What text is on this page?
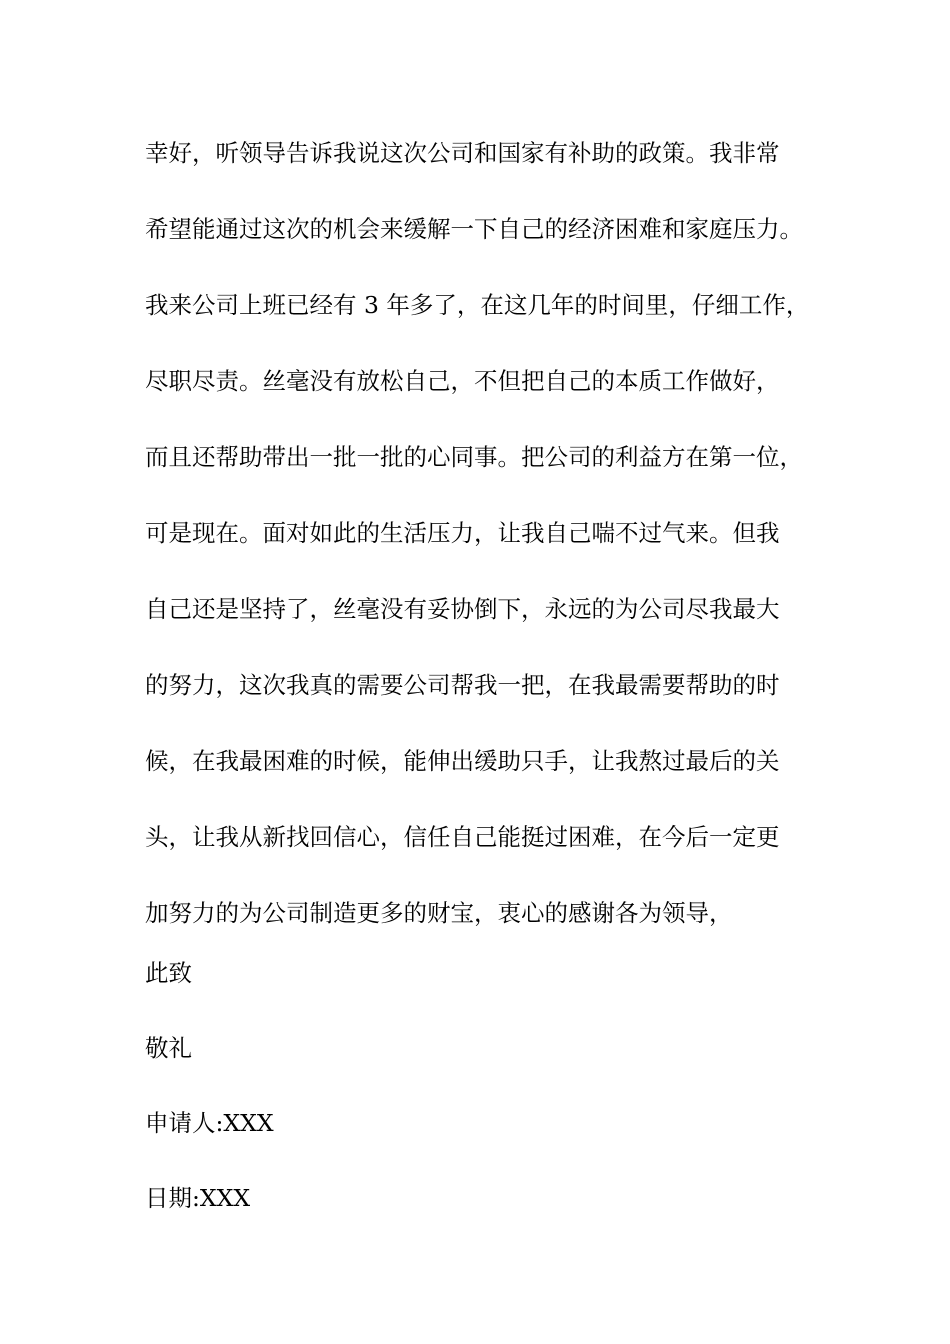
幸好，听领导告诉我说这次公司和国家有补助的政策。我非常
希望能通过这次的机会来缓解一下自己的经济困难和家庭压力。
我来公司上班已经有 3 年多了，在这几年的时间里，仔细工作，
尽职尽责。丝毫没有放松自己，不但把自己的本质工作做好，
而且还帮助带出一批一批的心同事。把公司的利益方在第一位，
可是现在。面对如此的生活压力，让我自己喘不过气来。但我
自己还是坚持了，丝毫没有妥协倒下，永远的为公司尽我最大
的努力，这次我真的需要公司帮我一把，在我最需要帮助的时
候，在我最困难的时候，能伸出缓助只手，让我熬过最后的关
头，让我从新找回信心，信任自己能挺过困难，在今后一定更
加努力的为公司制造更多的财宝，衷心的感谢各为领导，
此致
敬礼
申请人:XXX
日期:XXX
